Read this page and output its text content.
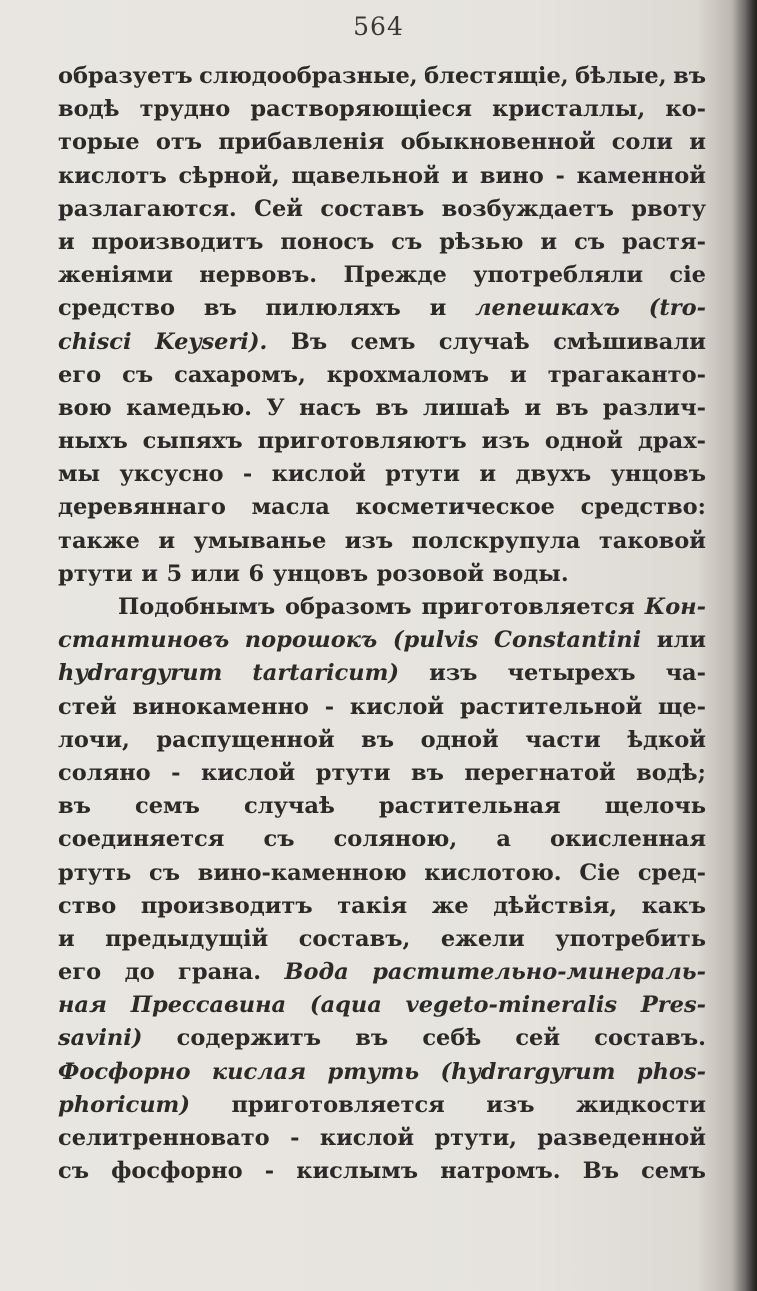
564
образуетъ слюдообразные, блестящіе, бѣлые, въ
водѣ трудно растворяющіеся кристаллы, ко-
торые отъ прибавленія обыкновенной соли и
кислотъ сѣрной, щавельной и вино - каменной
разлагаются. Сей составъ возбуждаетъ рвоту
и производитъ поносъ съ рѣзью и съ растя-
женіями нервовъ. Прежде употребляли сіе
средство въ пилюляхъ и лепешкахъ (tro-
chisci Keyseri). Въ семъ случаѣ смѣшивали
его съ сахаромъ, крохмаломъ и трагаканто-
вою камедью. У насъ въ лишаѣ и въ различ-
ныхъ сыпяхъ приготовляютъ изъ одной драх-
мы уксусно - кислой ртути и двухъ унцовъ
деревяннаго масла косметическое средство:
также и умыванье изъ полскрупула таковой
ртути и 5 или 6 унцовъ розовой воды.
Подобнымъ образомъ приготовляется Кон-
стантиновъ порошокъ (pulvis Constantini или
hydrargyrum tartaricum) изъ четырехъ ча-
стей винокаменно - кислой растительной ще-
лочи, распущенной въ одной части ѣдкой
соляно - кислой ртути въ перегнатой водѣ;
въ семъ случаѣ растительная щелочь
соединяется съ соляною, а окисленная
ртуть съ вино-каменною кислотою. Сіе сред-
ство производитъ такія же дѣйствія, какъ
и предыдущій составъ, ежели употребить
его до грана. Вода растительно-минераль-
ная Прессавина (aqua vegeto-mineralis Pres-
savini) содержитъ въ себѣ сей составъ.
Фосфорно кислая ртуть (hydrargyrum phos-
phoricum) приготовляется изъ жидкости
селитренновато - кислой ртути, разведенной
съ фосфорно - кислымъ натромъ. Въ семъ
